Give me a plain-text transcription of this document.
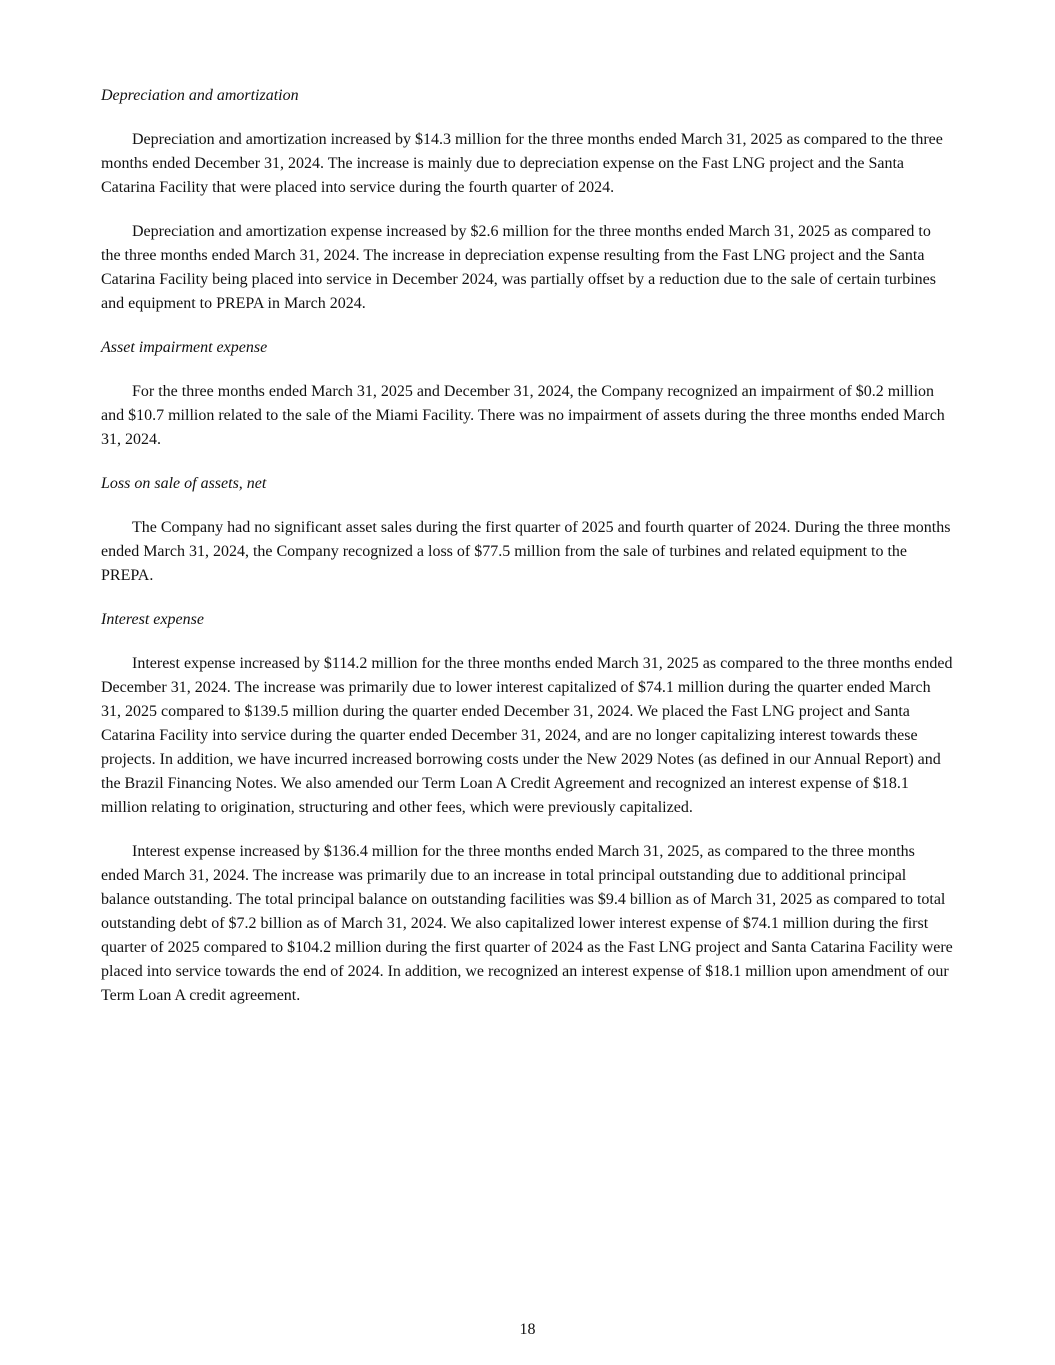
Depreciation and amortization

Depreciation and amortization increased by $14.3 million for the three months ended March 31, 2025 as compared to the three months ended December 31, 2024. The increase is mainly due to depreciation expense on the Fast LNG project and the Santa Catarina Facility that were placed into service during the fourth quarter of 2024.

Depreciation and amortization expense increased by $2.6 million for the three months ended March 31, 2025 as compared to the three months ended March 31, 2024. The increase in depreciation expense resulting from the Fast LNG project and the Santa Catarina Facility being placed into service in December 2024, was partially offset by a reduction due to the sale of certain turbines and equipment to PREPA in March 2024.

Asset impairment expense

For the three months ended March 31, 2025 and December 31, 2024, the Company recognized an impairment of $0.2 million and $10.7 million related to the sale of the Miami Facility. There was no impairment of assets during the three months ended March 31, 2024.

Loss on sale of assets, net

The Company had no significant asset sales during the first quarter of 2025 and fourth quarter of 2024. During the three months ended March 31, 2024, the Company recognized a loss of $77.5 million from the sale of turbines and related equipment to the PREPA.

Interest expense

Interest expense increased by $114.2 million for the three months ended March 31, 2025 as compared to the three months ended December 31, 2024. The increase was primarily due to lower interest capitalized of $74.1 million during the quarter ended March 31, 2025 compared to $139.5 million during the quarter ended December 31, 2024. We placed the Fast LNG project and Santa Catarina Facility into service during the quarter ended December 31, 2024, and are no longer capitalizing interest towards these projects. In addition, we have incurred increased borrowing costs under the New 2029 Notes (as defined in our Annual Report) and the Brazil Financing Notes. We also amended our Term Loan A Credit Agreement and recognized an interest expense of $18.1 million relating to origination, structuring and other fees, which were previously capitalized.

Interest expense increased by $136.4 million for the three months ended March 31, 2025, as compared to the three months ended March 31, 2024. The increase was primarily due to an increase in total principal outstanding due to additional principal balance outstanding. The total principal balance on outstanding facilities was $9.4 billion as of March 31, 2025 as compared to total outstanding debt of $7.2 billion as of March 31, 2024. We also capitalized lower interest expense of $74.1 million during the first quarter of 2025 compared to $104.2 million during the first quarter of 2024 as the Fast LNG project and Santa Catarina Facility were placed into service towards the end of 2024. In addition, we recognized an interest expense of $18.1 million upon amendment of our Term Loan A credit agreement.

18
